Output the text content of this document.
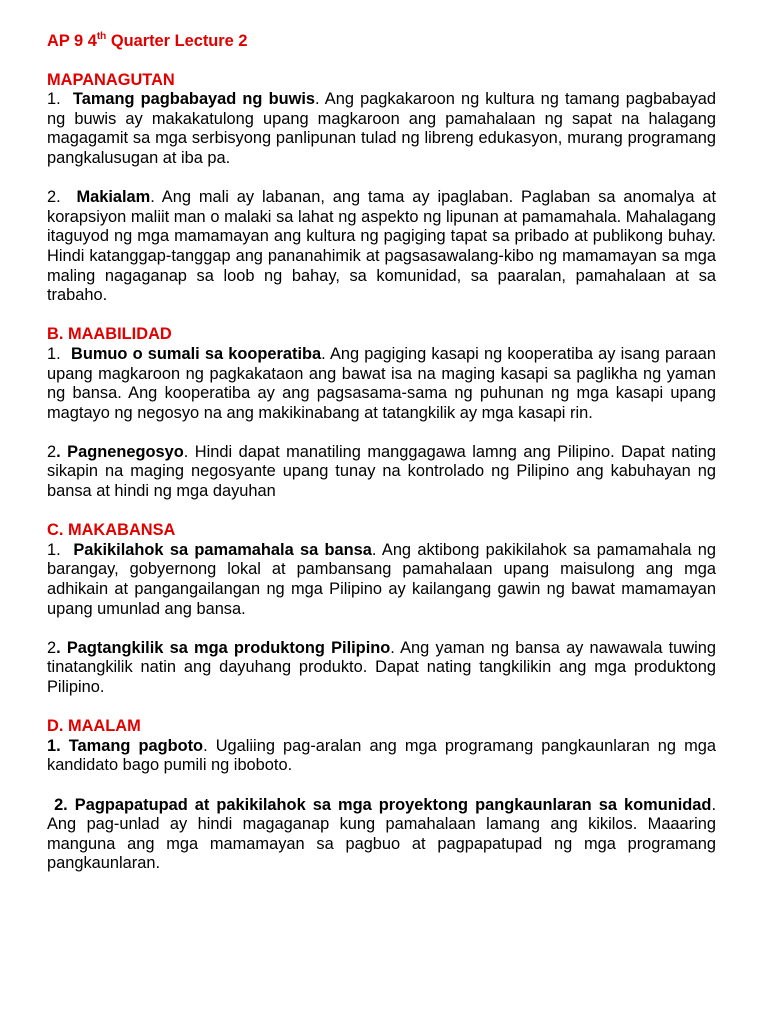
AP 9 4th Quarter Lecture 2
MAPANAGUTAN

1. Tamang pagbabayad ng buwis. Ang pagkakaroon ng kultura ng tamang pagbabayad ng buwis ay makakatulong upang magkaroon ang pamahalaan ng sapat na halagang magagamit sa mga serbisyong panlipunan tulad ng libreng edukasyon, murang programang pangkalusugan at iba pa.

2. Makialam. Ang mali ay labanan, ang tama ay ipaglaban. Paglaban sa anomalya at korapsiyon maliit man o malaki sa lahat ng aspekto ng lipunan at pamamahala. Mahalagang itaguyod ng mga mamamayan ang kultura ng pagiging tapat sa pribado at publikong buhay. Hindi katanggap-tanggap ang pananahimik at pagsasawalang-kibo ng mamamayan sa mga maling nagaganap sa loob ng bahay, sa komunidad, sa paaralan, pamahalaan at sa trabaho.

B. MAABILIDAD

1. Bumuo o sumali sa kooperatiba. Ang pagiging kasapi ng kooperatiba ay isang paraan upang magkaroon ng pagkakataon ang bawat isa na maging kasapi sa paglikha ng yaman ng bansa. Ang kooperatiba ay ang pagsasama-sama ng puhunan ng mga kasapi upang magtayo ng negosyo na ang makikinabang at tatangkilik ay mga kasapi rin.

2. Pagnenegosyo. Hindi dapat manatiling manggagawa lamng ang Pilipino. Dapat nating sikapin na maging negosyante upang tunay na kontrolado ng Pilipino ang kabuhayan ng bansa at hindi ng mga dayuhan

C. MAKABANSA

1. Pakikilahok sa pamamahala sa bansa. Ang aktibong pakikilahok sa pamamahala ng barangay, gobyernong lokal at pambansang pamahalaan upang maisulong ang mga adhikain at pangangailangan ng mga Pilipino ay kailangang gawin ng bawat mamamayan upang umunlad ang bansa.

2. Pagtangkilik sa mga produktong Pilipino. Ang yaman ng bansa ay nawawala tuwing tinatangkilik natin ang dayuhang produkto. Dapat nating tangkilikin ang mga produktong Pilipino.

D. MAALAM

1. Tamang pagboto. Ugaliing pag-aralan ang mga programang pangkaunlaran ng mga kandidato bago pumili ng iboboto.

2. Pagpapatupad at pakikilahok sa mga proyektong pangkaunlaran sa komunidad. Ang pag-unlad ay hindi magaganap kung pamahalaan lamang ang kikilos. Maaaring manguna ang mga mamamayan sa pagbuo at pagpapatupad ng mga programang pangkaunlaran.
